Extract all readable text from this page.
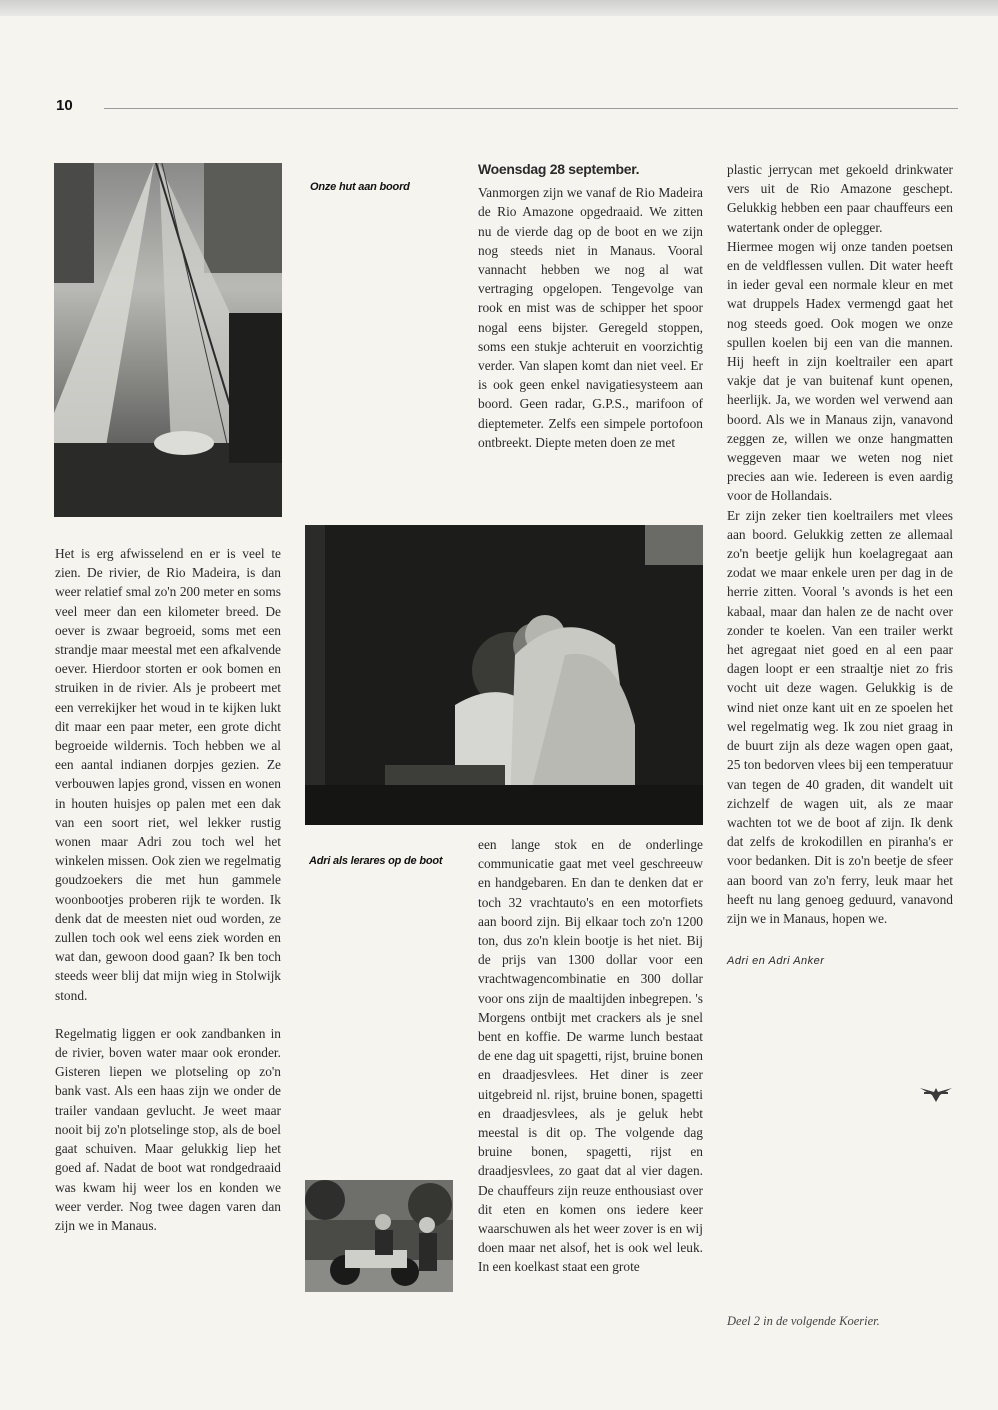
10
Onze hut aan boord

Het is erg afwisselend en er is veel te zien. De rivier, de Rio Madeira, is dan weer relatief smal zo'n 200 meter en soms veel meer dan een kilometer breed. De oever is zwaar begroeid, soms met een strandje maar meestal met een afkalvende oever. Hierdoor storten er ook bomen en struiken in de rivier. Als je probeert met een verrekijker het woud in te kijken lukt dit maar een paar meter, een grote dicht begroeide wildernis. Toch hebben we al een aantal indianen dorpjes gezien. Ze verbouwen lapjes grond, vissen en wonen in houten huisjes op palen met een dak van een soort riet, wel lekker rustig wonen maar Adri zou toch wel het winkelen missen. Ook zien we regelmatig goudzoekers die met hun gammele woonbootjes proberen rijk te worden. Ik denk dat de meesten niet oud worden, ze zullen toch ook wel eens ziek worden en wat dan, gewoon dood gaan? Ik ben toch steeds weer blij dat mijn wieg in Stolwijk stond.

Regelmatig liggen er ook zandbanken in de rivier, boven water maar ook eronder. Gisteren liepen we plotseling op zo'n bank vast. Als een haas zijn we onder de trailer vandaan gevlucht. Je weet maar nooit bij zo'n plotselinge stop, als de boel gaat schuiven. Maar gelukkig liep het goed af. Nadat de boot wat rondgedraaid was kwam hij weer los en konden we weer verder. Nog twee dagen varen dan zijn we in Manaus.

Woensdag 28 september.

Vanmorgen zijn we vanaf de Rio Madeira de Rio Amazone opgedraaid. We zitten nu de vierde dag op de boot en we zijn nog steeds niet in Manaus. Vooral vannacht hebben we nog al wat vertraging opgelopen. Tengevolge van rook en mist was de schipper het spoor nogal eens bijster. Geregeld stoppen, soms een stukje achteruit en voorzichtig verder. Van slapen komt dan niet veel. Er is ook geen enkel navigatiesysteem aan boord. Geen radar, G.P.S., marifoon of dieptemeter. Zelfs een simpele portofoon ontbreekt. Diepte meten doen ze met

Adri als lerares op de boot

een lange stok en de onderlinge communicatie gaat met veel geschreeuw en handgebaren. En dan te denken dat er toch 32 vrachtauto's en een motorfiets aan boord zijn. Bij elkaar toch zo'n 1200 ton, dus zo'n klein bootje is het niet. Bij de prijs van 1300 dollar voor een vrachtwagencombinatie en 300 dollar voor ons zijn de maaltijden inbegrepen. 's Morgens ontbijt met crackers als je snel bent en koffie. De warme lunch bestaat de ene dag uit spagetti, rijst, bruine bonen en draadjesvlees. Het diner is zeer uitgebreid nl. rijst, bruine bonen, spagetti en draadjesvlees, als je geluk hebt meestal is dit op. The volgende dag bruine bonen, spagetti, rijst en draadjesvlees, zo gaat dat al vier dagen. De chauffeurs zijn reuze enthousiast over dit eten en komen ons iedere keer waarschuwen als het weer zover is en wij doen maar net alsof, het is ook wel leuk. In een koelkast staat een grote

plastic jerrycan met gekoeld drinkwater vers uit de Rio Amazone geschept. Gelukkig hebben een paar chauffeurs een watertank onder de oplegger.

Hiermee mogen wij onze tanden poetsen en de veldflessen vullen. Dit water heeft in ieder geval een normale kleur en met wat druppels Hadex vermengd gaat het nog steeds goed. Ook mogen we onze spullen koelen bij een van die mannen. Hij heeft in zijn koeltrailer een apart vakje dat je van buitenaf kunt openen, heerlijk. Ja, we worden wel verwend aan boord. Als we in Manaus zijn, vanavond zeggen ze, willen we onze hangmatten weggeven maar we weten nog niet precies aan wie. Iedereen is even aardig voor de Hollandais.

Er zijn zeker tien koeltrailers met vlees aan boord. Gelukkig zetten ze allemaal zo'n beetje gelijk hun koelagregaat aan zodat we maar enkele uren per dag in de herrie zitten. Vooral 's avonds is het een kabaal, maar dan halen ze de nacht over zonder te koelen. Van een trailer werkt het agregaat niet goed en al een paar dagen loopt er een straaltje niet zo fris vocht uit deze wagen. Gelukkig is de wind niet onze kant uit en ze spoelen het wel regelmatig weg. Ik zou niet graag in de buurt zijn als deze wagen open gaat, 25 ton bedorven vlees bij een temperatuur van tegen de 40 graden, dit wandelt uit zichzelf de wagen uit, als ze maar wachten tot we de boot af zijn. Ik denk dat zelfs de krokodillen en piranha's er voor bedanken. Dit is zo'n beetje de sfeer aan boord van zo'n ferry, leuk maar het heeft nu lang genoeg geduurd, vanavond zijn we in Manaus, hopen we.

Adri en Adri Anker
Deel 2 in de volgende Koerier.
